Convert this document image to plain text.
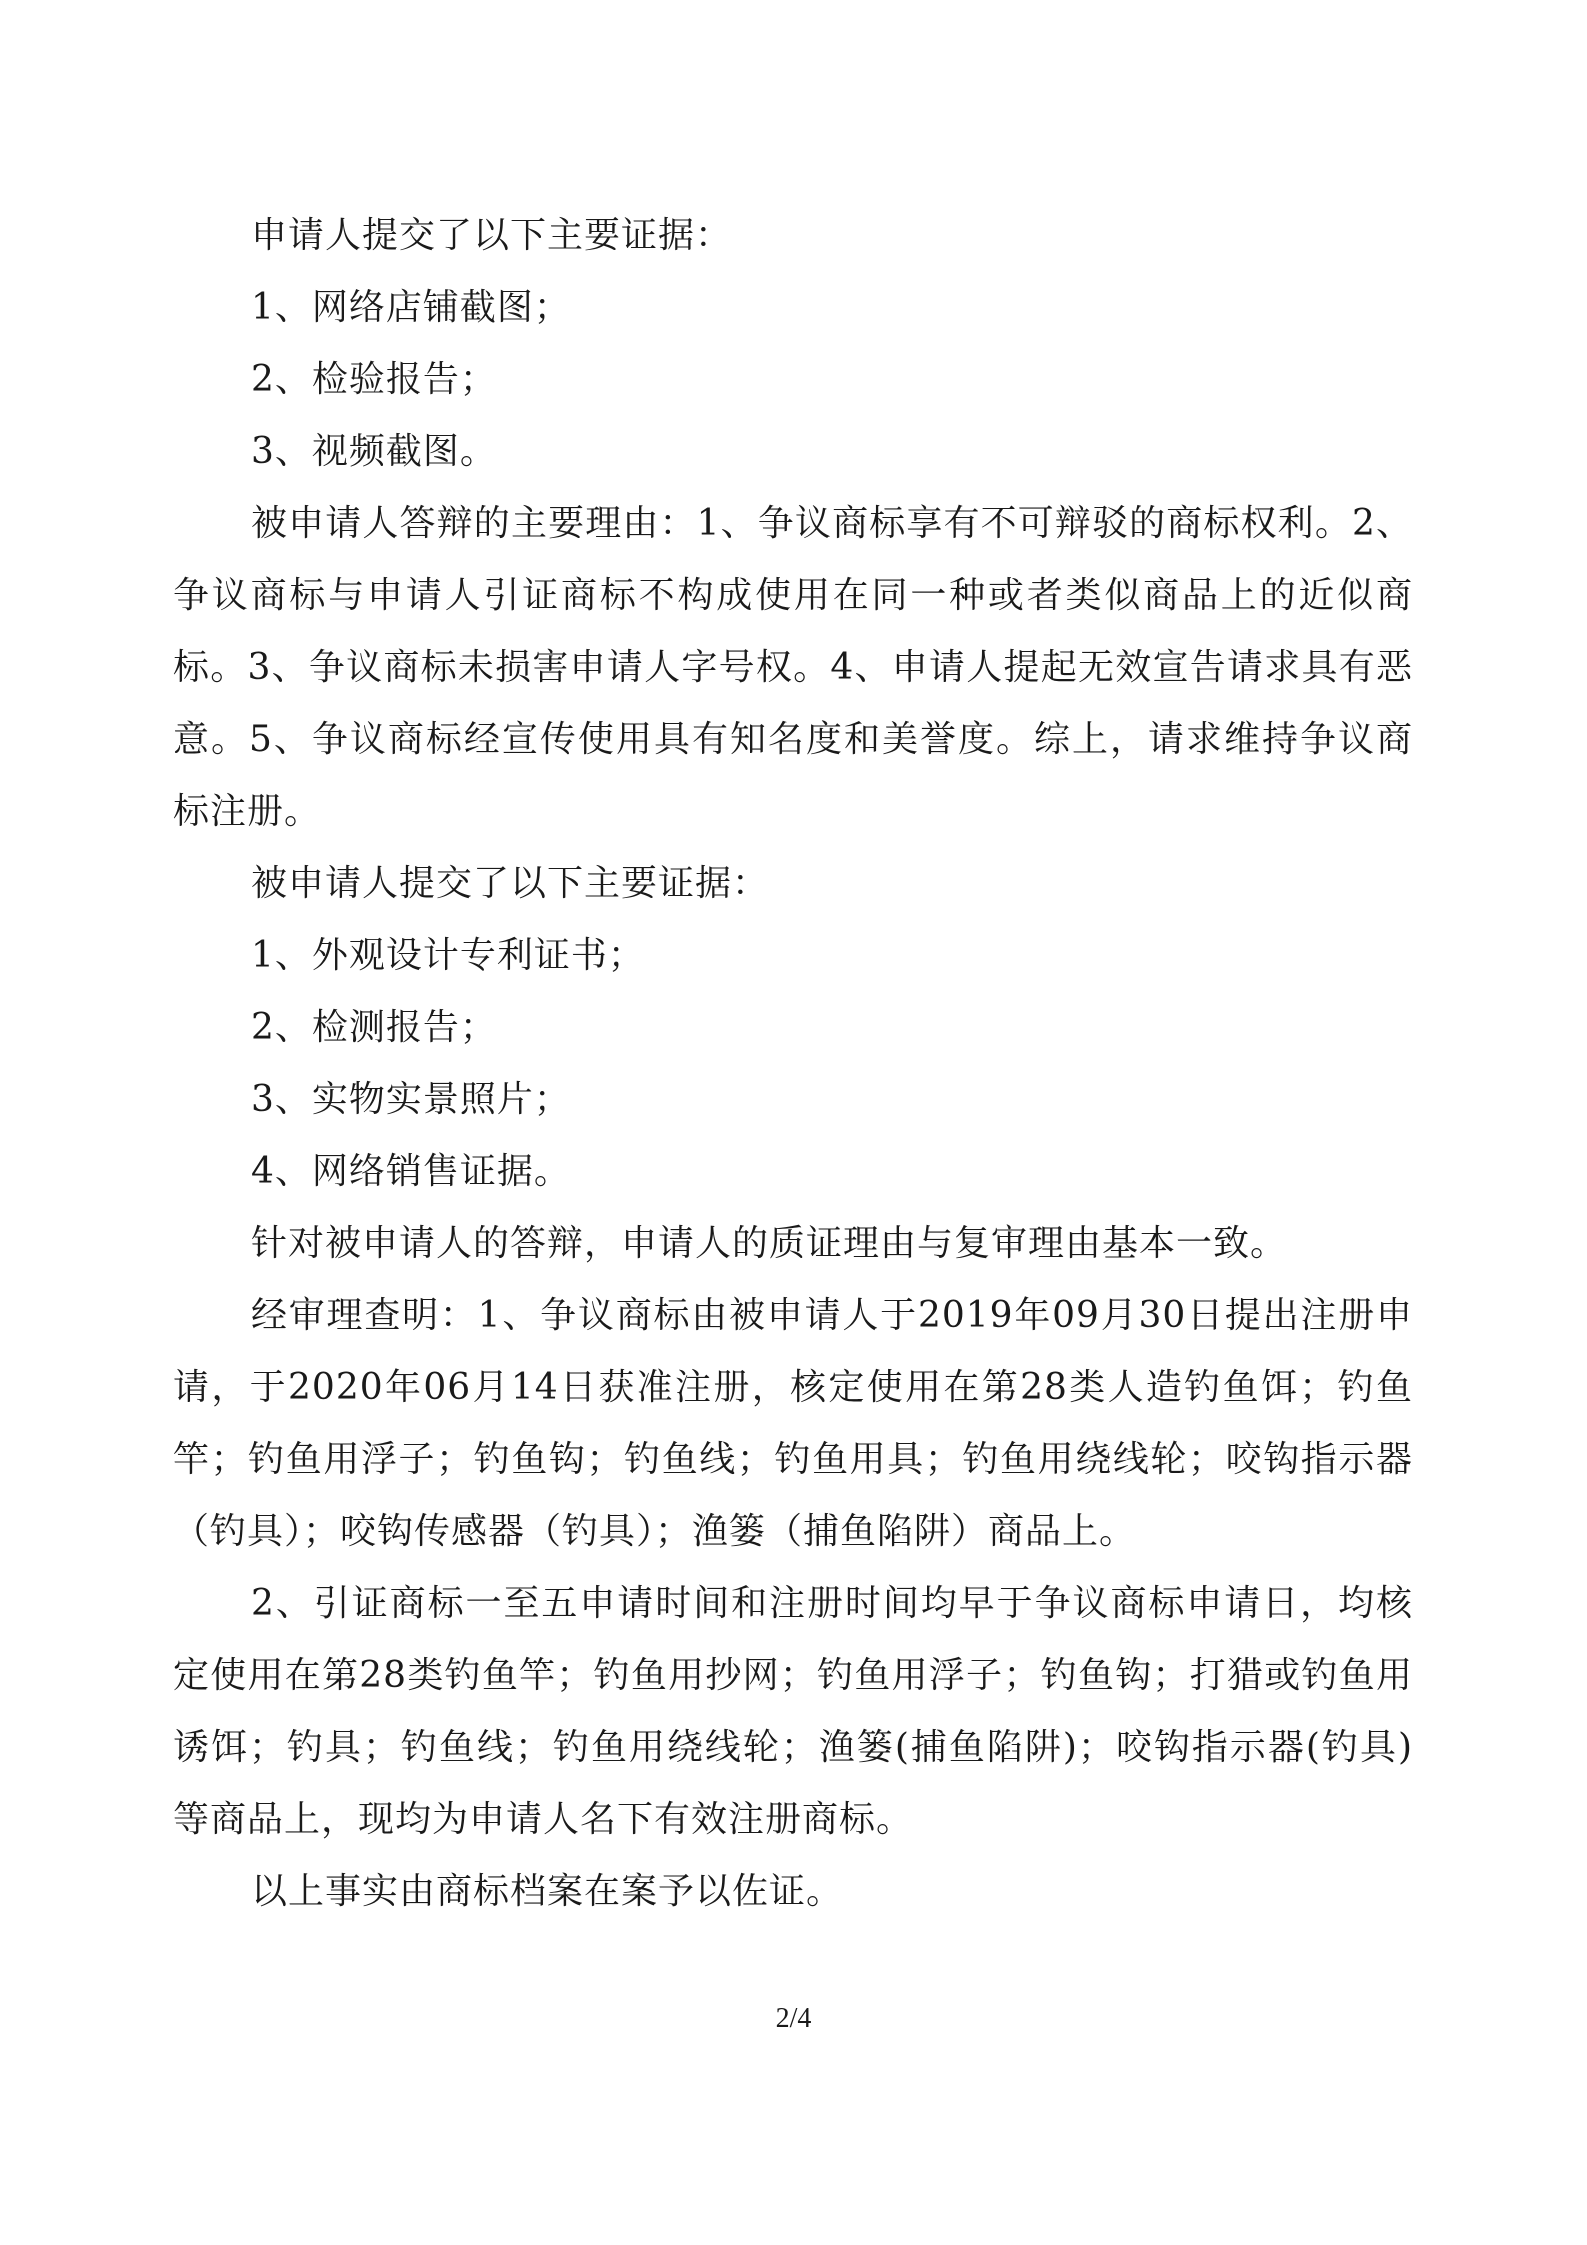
申请人提交了以下主要证据：

1、网络店铺截图；

2、检验报告；

3、视频截图。

被申请人答辩的主要理由：1、争议商标享有不可辩驳的商标权利。2、争议商标与申请人引证商标不构成使用在同一种或者类似商品上的近似商标。3、争议商标未损害申请人字号权。4、申请人提起无效宣告请求具有恶意。5、争议商标经宣传使用具有知名度和美誉度。综上，请求维持争议商标注册。

被申请人提交了以下主要证据：

1、外观设计专利证书；

2、检测报告；

3、实物实景照片；

4、网络销售证据。

针对被申请人的答辩，申请人的质证理由与复审理由基本一致。

经审理查明：1、争议商标由被申请人于2019年09月30日提出注册申请，于2020年06月14日获准注册，核定使用在第28类人造钓鱼饵；钓鱼竿；钓鱼用浮子；钓鱼钩；钓鱼线；钓鱼用具；钓鱼用绕线轮；咬钩指示器（钓具）；咬钩传感器（钓具）；渔篓（捕鱼陷阱）商品上。

2、引证商标一至五申请时间和注册时间均早于争议商标申请日，均核定使用在第28类钓鱼竿；钓鱼用抄网；钓鱼用浮子；钓鱼钩；打猎或钓鱼用诱饵；钓具；钓鱼线；钓鱼用绕线轮；渔篓(捕鱼陷阱)；咬钩指示器(钓具)等商品上，现均为申请人名下有效注册商标。

以上事实由商标档案在案予以佐证。

2/4
